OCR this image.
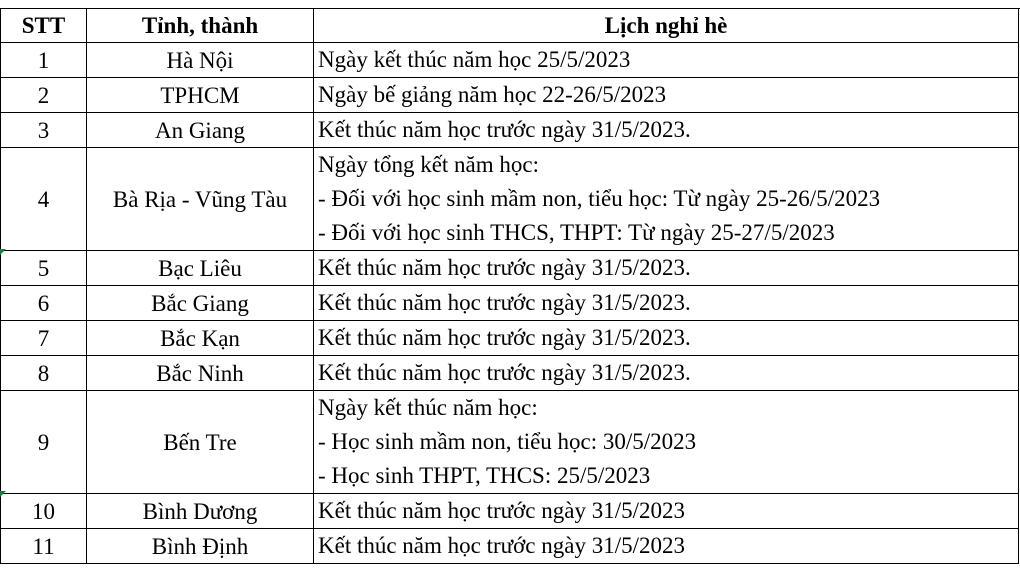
STT	Tỉnh, thành	Lịch nghỉ hè
1	Hà Nội	Ngày kết thúc năm học 25/5/2023

2	TPHCM	Ngày bế giảng năm học 22-26/5/2023

3	An Giang	Kết thúc năm học trước ngày 31/5/2023.

4	Bà Rịa - Vũng Tàu	Ngày tổng kết năm học:
- Đối với học sinh mầm non, tiểu học: Từ ngày 25-26/5/2023
- Đối với học sinh THCS, THPT: Từ ngày 25-27/5/2023

5	Bạc Liêu	Kết thúc năm học trước ngày 31/5/2023.

6	Bắc Giang	Kết thúc năm học trước ngày 31/5/2023.

7	Bắc Kạn	Kết thúc năm học trước ngày 31/5/2023.

8	Bắc Ninh	Kết thúc năm học trước ngày 31/5/2023.

9	Bến Tre	Ngày kết thúc năm học:
- Học sinh mầm non, tiểu học: 30/5/2023
- Học sinh THPT, THCS: 25/5/2023

10	Bình Dương	Kết thúc năm học trước ngày 31/5/2023

11	Bình Định	Kết thúc năm học trước ngày 31/5/2023
